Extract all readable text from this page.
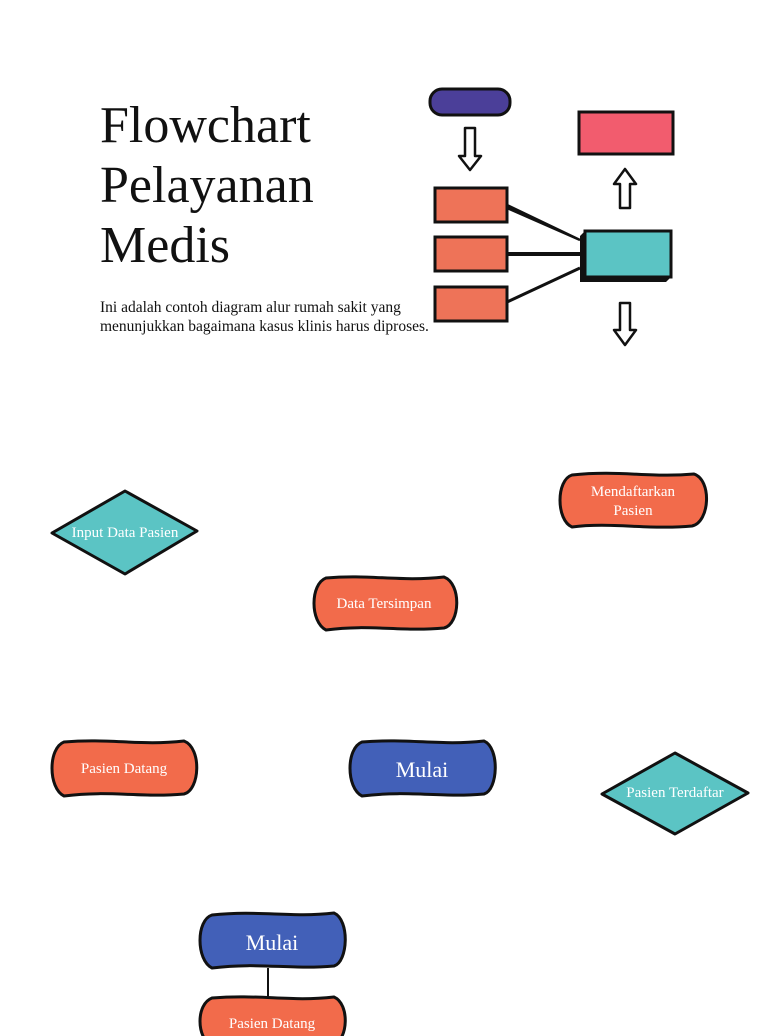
Flowchart
Pelayanan
Medis

Ini adalah contoh diagram alur rumah sakit yang menunjukkan bagaimana kasus klinis harus diproses.

Input Data Pasien
Mendaftarkan Pasien
Data Tersimpan
Pasien Datang	Mulai
Pasien Terdaftar
Mulai
Pasien Datang
